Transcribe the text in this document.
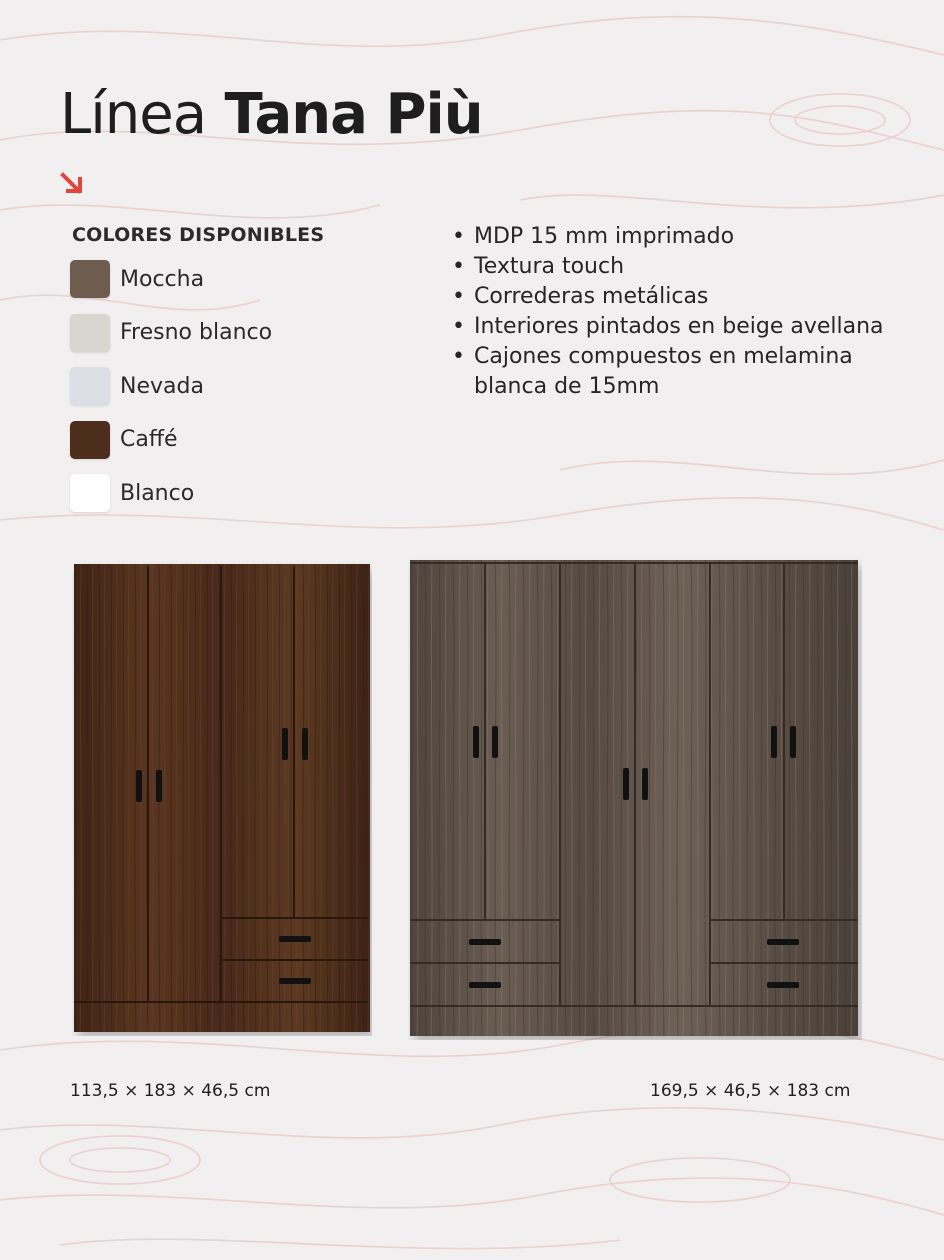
Línea Tana Più
COLORES DISPONIBLES
Moccha
Fresno blanco
Nevada
Caffé
Blanco
• MDP 15 mm imprimado
• Textura touch
• Correderas metálicas
• Interiores pintados en beige avellana
• Cajones compuestos en melamina blanca de 15mm
113,5 × 183 × 46,5 cm	169,5 × 46,5 × 183 cm
